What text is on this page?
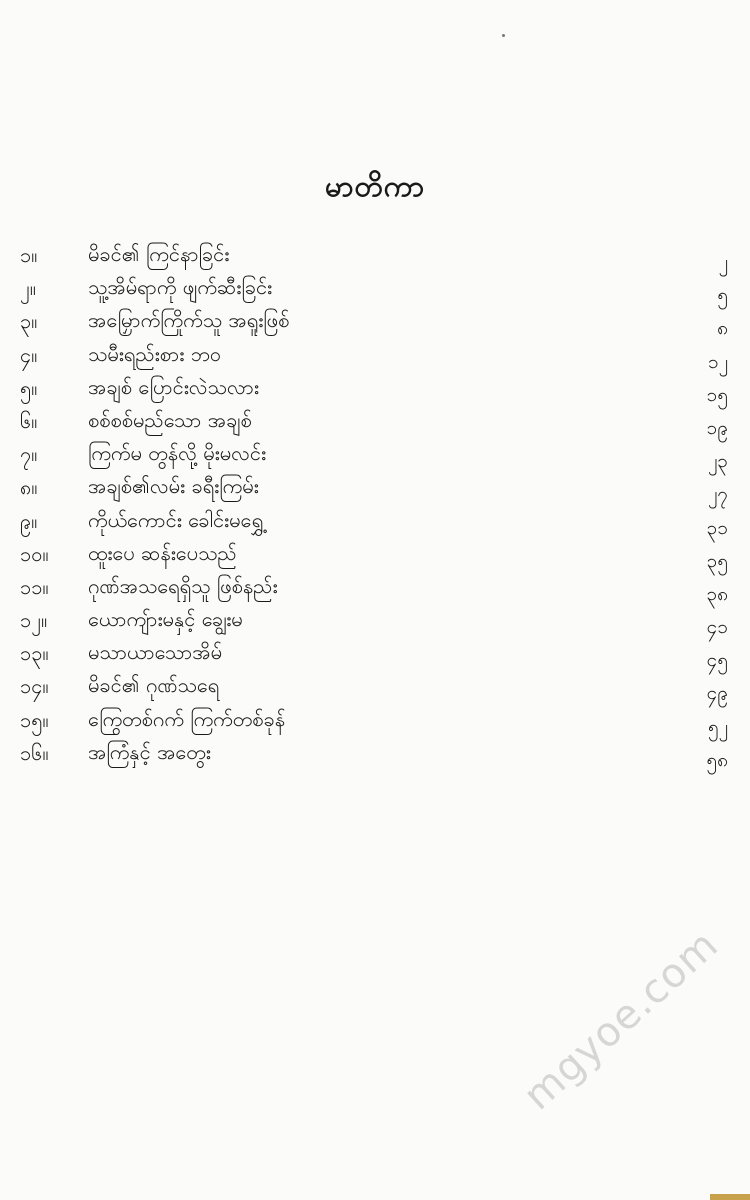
မာတိကာ
၁။	မိခင်၏ ကြင်နာခြင်း	၂
၂။	သူ့အိမ်ရာကို ဖျက်ဆီးခြင်း	၅
၃။	အမြှောက်ကြိုက်သူ အရူးဖြစ်	၈
၄။	သမီးရည်းစား ဘဝ	၁၂
၅။	အချစ် ပြောင်းလဲသလား	၁၅
၆။	စစ်စစ်မည်သော အချစ်	၁၉
၇။	ကြက်မ တွန်လို့ မိုးမလင်း	၂၃
၈။	အချစ်၏လမ်း ခရီးကြမ်း	၂၇
၉။	ကိုယ်ကောင်း ခေါင်းမရွှေ့	၃၁
၁၀။	ထူးပေ ဆန်းပေသည်	၃၅
၁၁။	ဂုဏ်အသရေရှိသူ ဖြစ်နည်း	၃၈
၁၂။	ယောကျ်ားမနှင့် ချွေးမ	၄၁
၁၃။	မသာယာသောအိမ်	၄၅
၁၄။	မိခင်၏ ဂုဏ်သရေ	၄၉
၁၅။	ကြွေတစ်ဂက် ကြက်တစ်ခုန်	၅၂
၁၆။	အကြံနှင့် အတွေး	၅၈
mgyoe.com
